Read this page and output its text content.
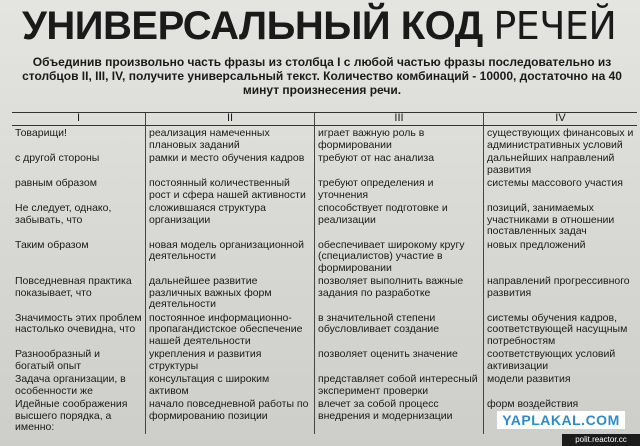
УНИВЕРСАЛЬНЫЙ КОД РЕЧЕЙ
Объединив произвольно часть фразы из столбца I с любой частью фразы последовательно из столбцов II, III, IV, получите универсальный текст. Количество комбинаций - 10000, достаточно на 40 минут произнесения речи.
I	II	III	IV
Товарищи!	реализация намеченных плановых заданий	играет важную роль в формировании	существующих финансовых и административных условий
с другой стороны	рамки и место обучения кадров	требуют от нас анализа	дальнейших направлений развития
равным образом	постоянный количественный рост и сфера нашей активности	требуют определения и уточнения	системы массового участия
Не следует, однако, забывать, что	сложившаяся структура организации	способствует подготовке и реализации	позиций, занимаемых участниками в отношении поставленных задач
Таким образом	новая модель организационной деятельности	обеспечивает широкому кругу (специалистов) участие в формировании	новых предложений
Повседневная практика показывает, что	дальнейшее развитие различных важных форм деятельности	позволяет выполнить важные задания по разработке	направлений прогрессивного развития
Значимость этих проблем настолько очевидна, что	постоянное информационно-пропагандистское обеспечение нашей деятельности	в значительной степени обусловливает создание	системы обучения кадров, соответствующей насущным потребностям
Разнообразный и богатый опыт	укрепления и развития структуры	позволяет оценить значение	соответствующих условий активизации
Задача организации, в особенности же	консультация с широким активом	представляет собой интересный эксперимент проверки	модели развития
Идейные соображения высшего порядка, а именно:	начало повседневной работы по формированию позиции	влечет за собой процесс внедрения и модернизации	форм воздействия
YAPLAKAL.COM
polit.reactor.cc
